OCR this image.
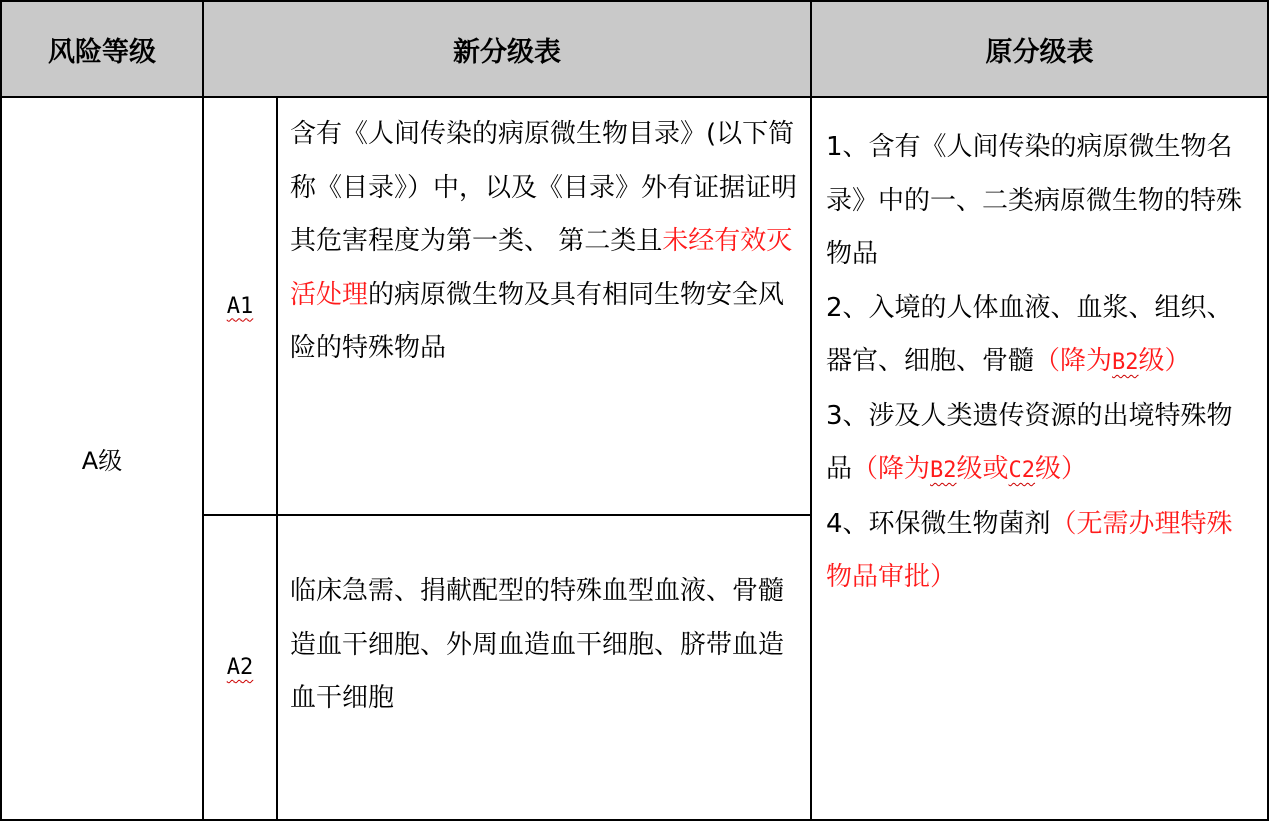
风险等级	新分级表	原分级表
A级
A1
含有《人间传染的病原微生物目录》(以下简称《目录》）中，以及《目录》外有证据证明其危害程度为第一类、 第二类且未经有效灭活处理的病原微生物及具有相同生物安全风险的特殊物品
A2
临床急需、捐献配型的特殊血型血液、骨髓造血干细胞、外周血造血干细胞、脐带血造血干细胞
1、含有《人间传染的病原微生物名录》中的一、二类病原微生物的特殊物品
2、入境的人体血液、血浆、组织、器官、细胞、骨髓（降为B2级）
3、涉及人类遗传资源的出境特殊物品（降为B2级或C2级）
4、环保微生物菌剂（无需办理特殊物品审批）
